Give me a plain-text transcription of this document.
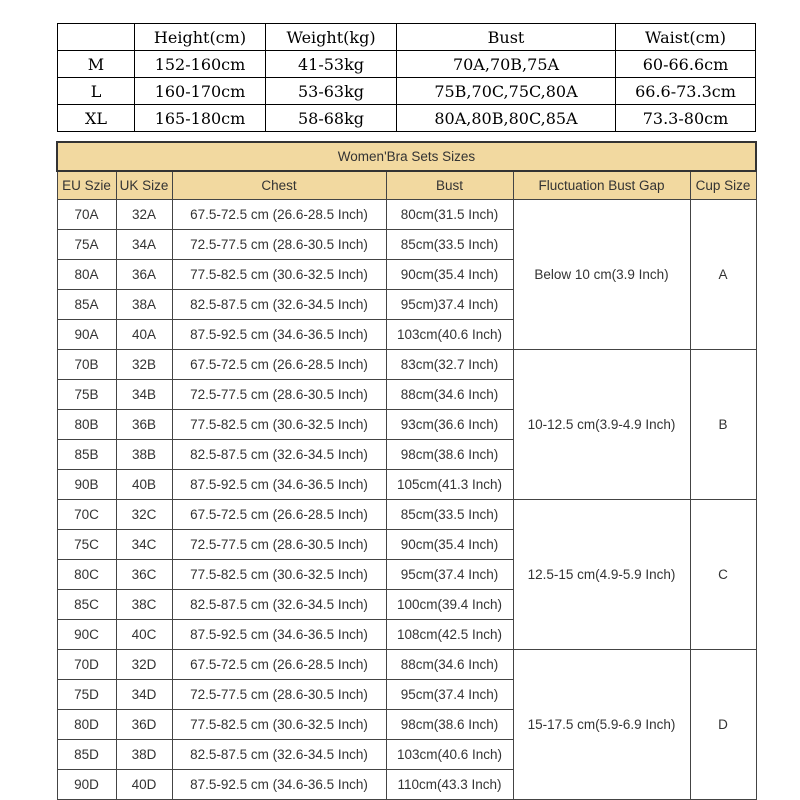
	Height(cm)	Weight(kg)	Bust	Waist(cm)
M	152-160cm	41-53kg	70A,70B,75A	60-66.6cm
L	160-170cm	53-63kg	75B,70C,75C,80A	66.6-73.3cm
XL	165-180cm	58-68kg	80A,80B,80C,85A	73.3-80cm
Women'Bra Sets Sizes					
EU Szie	UK Size	Chest	Bust	Fluctuation Bust Gap	Cup Size
70A	32A	67.5-72.5 cm (26.6-28.5 Inch)	80cm(31.5 Inch)	Below 10 cm(3.9 Inch)	A
75A	34A	72.5-77.5 cm (28.6-30.5 Inch)	85cm(33.5 Inch)		
80A	36A	77.5-82.5 cm (30.6-32.5 Inch)	90cm(35.4 Inch)		
85A	38A	82.5-87.5 cm (32.6-34.5 Inch)	95cm)37.4 Inch)		
90A	40A	87.5-92.5 cm (34.6-36.5 Inch)	103cm(40.6 Inch)		
70B	32B	67.5-72.5 cm (26.6-28.5 Inch)	83cm(32.7 Inch)	10-12.5 cm(3.9-4.9 Inch)	B
75B	34B	72.5-77.5 cm (28.6-30.5 Inch)	88cm(34.6 Inch)		
80B	36B	77.5-82.5 cm (30.6-32.5 Inch)	93cm(36.6 Inch)		
85B	38B	82.5-87.5 cm (32.6-34.5 Inch)	98cm(38.6 Inch)		
90B	40B	87.5-92.5 cm (34.6-36.5 Inch)	105cm(41.3 Inch)		
70C	32C	67.5-72.5 cm (26.6-28.5 Inch)	85cm(33.5 Inch)	12.5-15 cm(4.9-5.9 Inch)	C
75C	34C	72.5-77.5 cm (28.6-30.5 Inch)	90cm(35.4 Inch)		
80C	36C	77.5-82.5 cm (30.6-32.5 Inch)	95cm(37.4 Inch)		
85C	38C	82.5-87.5 cm (32.6-34.5 Inch)	100cm(39.4 Inch)		
90C	40C	87.5-92.5 cm (34.6-36.5 Inch)	108cm(42.5 Inch)		
70D	32D	67.5-72.5 cm (26.6-28.5 Inch)	88cm(34.6 Inch)	15-17.5 cm(5.9-6.9 Inch)	D
75D	34D	72.5-77.5 cm (28.6-30.5 Inch)	95cm(37.4 Inch)		
80D	36D	77.5-82.5 cm (30.6-32.5 Inch)	98cm(38.6 Inch)		
85D	38D	82.5-87.5 cm (32.6-34.5 Inch)	103cm(40.6 Inch)		
90D	40D	87.5-92.5 cm (34.6-36.5 Inch)	110cm(43.3 Inch)		
